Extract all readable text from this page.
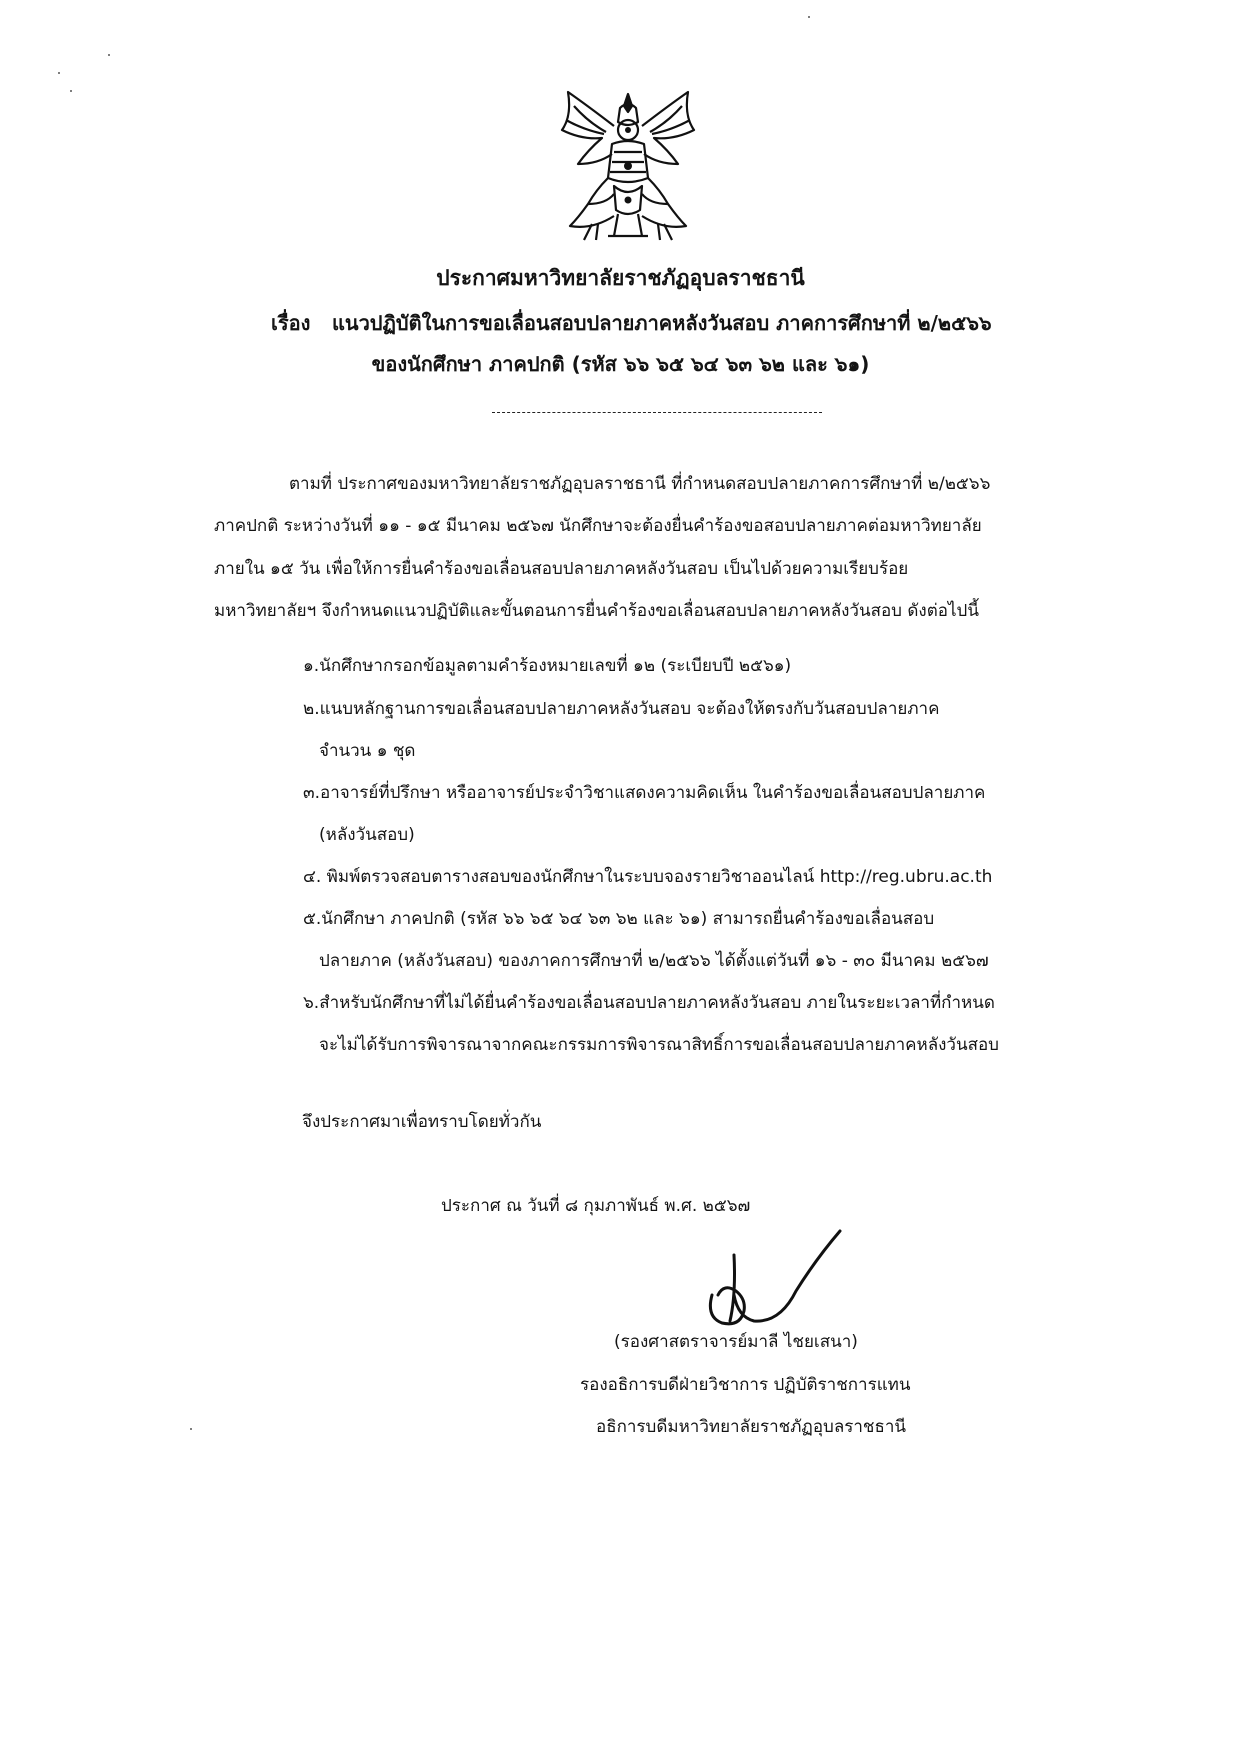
ประกาศมหาวิทยาลัยราชภัฏอุบลราชธานี
เรื่อง แนวปฏิบัติในการขอเลื่อนสอบปลายภาคหลังวันสอบ ภาคการศึกษาที่ ๒/๒๕๖๖
ของนักศึกษา ภาคปกติ (รหัส ๖๖ ๖๕ ๖๔ ๖๓ ๖๒ และ ๖๑)
ตามที่ ประกาศของมหาวิทยาลัยราชภัฏอุบลราชธานี ที่กำหนดสอบปลายภาคการศึกษาที่ ๒/๒๕๖๖
ภาคปกติ ระหว่างวันที่ ๑๑ - ๑๕ มีนาคม ๒๕๖๗ นักศึกษาจะต้องยื่นคำร้องขอสอบปลายภาคต่อมหาวิทยาลัย
ภายใน ๑๕ วัน เพื่อให้การยื่นคำร้องขอเลื่อนสอบปลายภาคหลังวันสอบ เป็นไปด้วยความเรียบร้อย
มหาวิทยาลัยฯ จึงกำหนดแนวปฏิบัติและขั้นตอนการยื่นคำร้องขอเลื่อนสอบปลายภาคหลังวันสอบ ดังต่อไปนี้
๑.นักศึกษากรอกข้อมูลตามคำร้องหมายเลขที่ ๑๒ (ระเบียบปี ๒๕๖๑)
๒.แนบหลักฐานการขอเลื่อนสอบปลายภาคหลังวันสอบ จะต้องให้ตรงกับวันสอบปลายภาค
จำนวน ๑ ชุด
๓.อาจารย์ที่ปรึกษา หรืออาจารย์ประจำวิชาแสดงความคิดเห็น ในคำร้องขอเลื่อนสอบปลายภาค
(หลังวันสอบ)
๔. พิมพ์ตรวจสอบตารางสอบของนักศึกษาในระบบจองรายวิชาออนไลน์ http://reg.ubru.ac.th
๕.นักศึกษา ภาคปกติ (รหัส ๖๖ ๖๕ ๖๔ ๖๓ ๖๒ และ ๖๑) สามารถยื่นคำร้องขอเลื่อนสอบ
ปลายภาค (หลังวันสอบ) ของภาคการศึกษาที่ ๒/๒๕๖๖ ได้ตั้งแต่วันที่ ๑๖ - ๓๐ มีนาคม ๒๕๖๗
๖.สำหรับนักศึกษาที่ไม่ได้ยื่นคำร้องขอเลื่อนสอบปลายภาคหลังวันสอบ ภายในระยะเวลาที่กำหนด
จะไม่ได้รับการพิจารณาจากคณะกรรมการพิจารณาสิทธิ์การขอเลื่อนสอบปลายภาคหลังวันสอบ
จึงประกาศมาเพื่อทราบโดยทั่วกัน
ประกาศ ณ วันที่ ๘ กุมภาพันธ์ พ.ศ. ๒๕๖๗
(รองศาสตราจารย์มาลี ไชยเสนา)
รองอธิการบดีฝ่ายวิชาการ ปฏิบัติราชการแทน
อธิการบดีมหาวิทยาลัยราชภัฏอุบลราชธานี
